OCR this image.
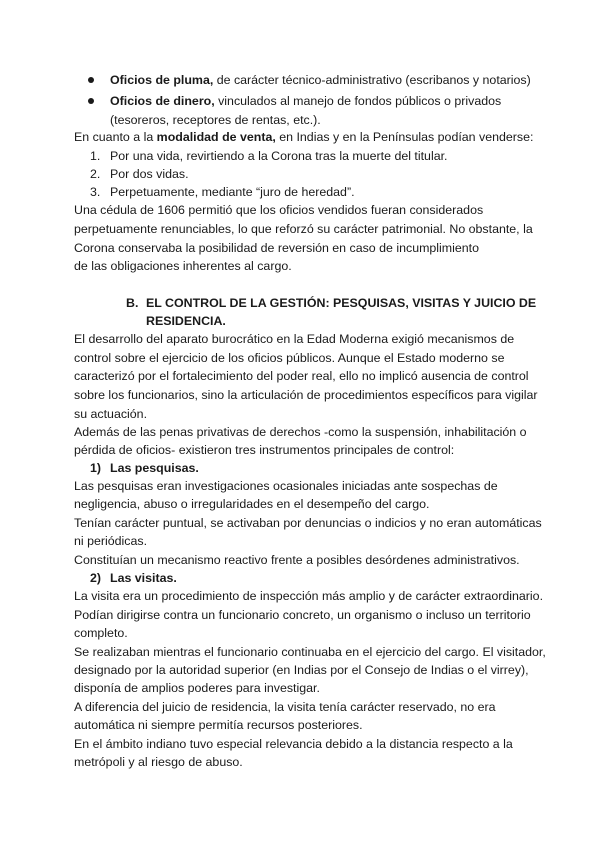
Oficios de pluma, de carácter técnico-administrativo (escribanos y notarios)
Oficios de dinero, vinculados al manejo de fondos públicos o privados
(tesoreros, receptores de rentas, etc.).
En cuanto a la modalidad de venta, en Indias y en la Penínsulas podían venderse:
1. Por una vida, revirtiendo a la Corona tras la muerte del titular.
2. Por dos vidas.
3. Perpetuamente, mediante “juro de heredad”.
Una cédula de 1606 permitió que los oficios vendidos fueran considerados
perpetuamente renunciables, lo que reforzó su carácter patrimonial. No obstante, la
Corona conservaba la posibilidad de reversión en caso de incumplimiento
de las obligaciones inherentes al cargo.
B. EL CONTROL DE LA GESTIÓN: PESQUISAS, VISITAS Y JUICIO DE
RESIDENCIA.
El desarrollo del aparato burocrático en la Edad Moderna exigió mecanismos de
control sobre el ejercicio de los oficios públicos. Aunque el Estado moderno se
caracterizó por el fortalecimiento del poder real, ello no implicó ausencia de control
sobre los funcionarios, sino la articulación de procedimientos específicos para vigilar
su actuación.
Además de las penas privativas de derechos -como la suspensión, inhabilitación o
pérdida de oficios- existieron tres instrumentos principales de control:
1) Las pesquisas.
Las pesquisas eran investigaciones ocasionales iniciadas ante sospechas de
negligencia, abuso o irregularidades en el desempeño del cargo.
Tenían carácter puntual, se activaban por denuncias o indicios y no eran automáticas
ni periódicas.
Constituían un mecanismo reactivo frente a posibles desórdenes administrativos.
2) Las visitas.
La visita era un procedimiento de inspección más amplio y de carácter extraordinario.
Podían dirigirse contra un funcionario concreto, un organismo o incluso un territorio
completo.
Se realizaban mientras el funcionario continuaba en el ejercicio del cargo. El visitador,
designado por la autoridad superior (en Indias por el Consejo de Indias o el virrey),
disponía de amplios poderes para investigar.
A diferencia del juicio de residencia, la visita tenía carácter reservado, no era
automática ni siempre permitía recursos posteriores.
En el ámbito indiano tuvo especial relevancia debido a la distancia respecto a la
metrópoli y al riesgo de abuso.
